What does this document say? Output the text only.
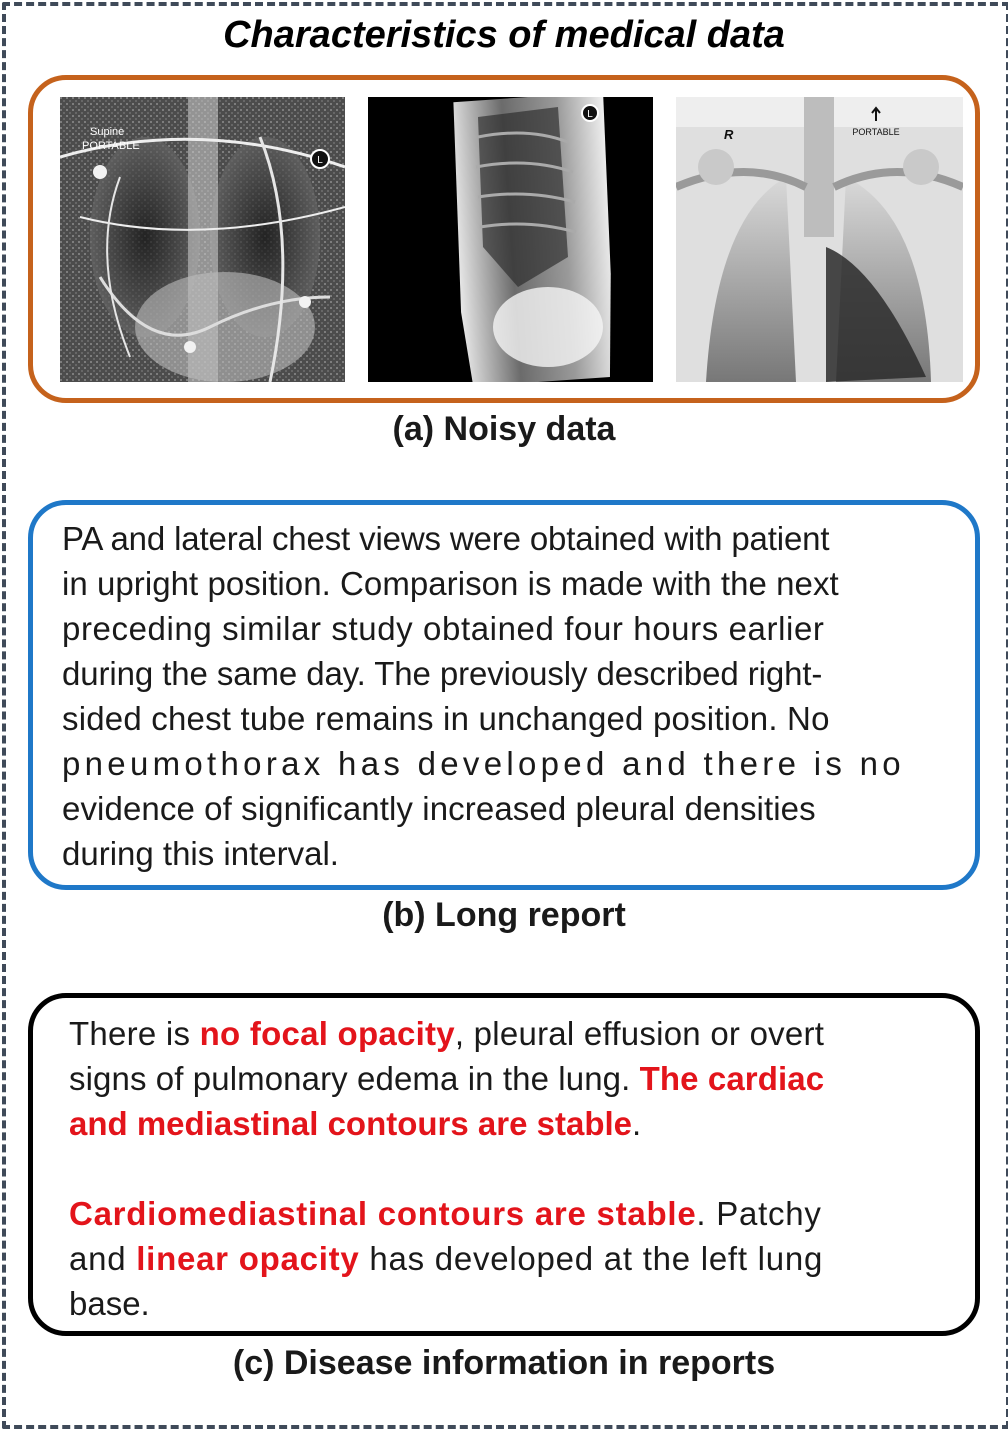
Characteristics of medical data
L
Supine
PORTABLE
L
PORTABLE
R
(a) Noisy data
PA and lateral chest views were obtained with patient
in upright position. Comparison is made with the next
preceding similar study obtained four hours earlier
during the same day. The previously described right-
sided chest tube remains in unchanged position. No
pneumothorax has developed and there is no
evidence of significantly increased pleural densities
during this interval.
(b) Long report
There is no focal opacity, pleural effusion or overt
signs of pulmonary edema in the lung. The cardiac
and mediastinal contours are stable.
Cardiomediastinal contours are stable. Patchy
and linear opacity has developed at the left lung
base.
(c) Disease information in reports
